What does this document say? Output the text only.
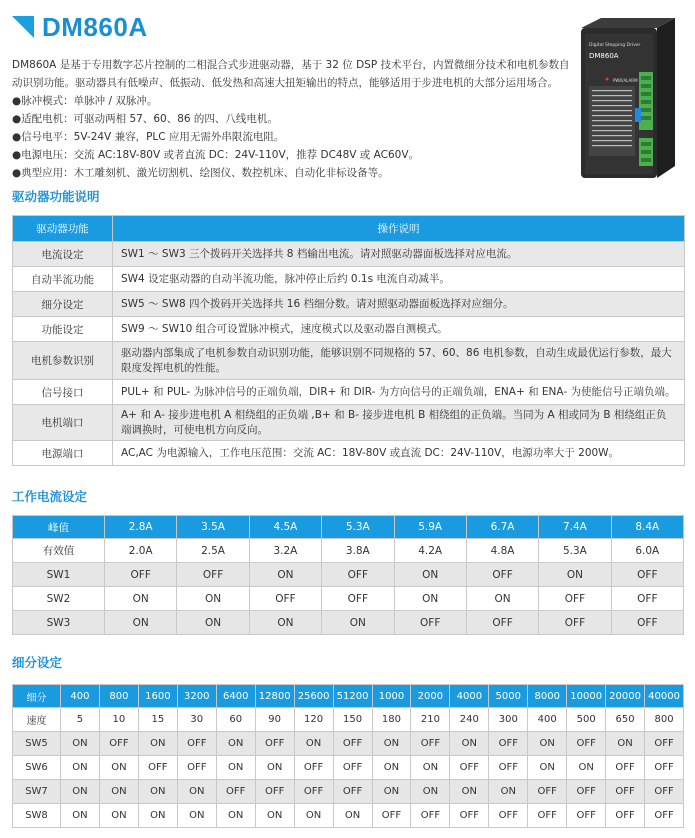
DM860A
DM860A 是基于专用数字芯片控制的二相混合式步进驱动器，基于 32 位 DSP 技术平台，内置微细分技术和电机参数自动识别功能。驱动器具有低噪声、低振动、低发热和高速大扭矩输出的特点，能够适用于步进电机的大部分运用场合。
●脉冲模式：单脉冲 / 双脉冲。
●适配电机：可驱动两相 57、60、86 的四、八线电机。
●信号电平：5V-24V 兼容，PLC 应用无需外串限流电阻。
●电源电压：交流 AC:18V-80V 或者直流 DC：24V-110V，推荐 DC48V 或 AC60V。
●典型应用：木工雕刻机、激光切割机、绘图仪、数控机床、自动化非标设备等。
Digital Stepping Driver
DM860A
PWR/ALARM
驱动器功能说明
驱动器功能	操作说明
电流设定	SW1 ～ SW3 三个拨码开关选择共 8 档输出电流。请对照驱动器面板选择对应电流。
自动半流功能	SW4 设定驱动器的自动半流功能，脉冲停止后约 0.1s 电流自动减半。
细分设定	SW5 ～ SW8 四个拨码开关选择共 16 档细分数。请对照驱动器面板选择对应细分。
功能设定	SW9 ～ SW10 组合可设置脉冲模式，速度模式以及驱动器自测模式。
电机参数识别	驱动器内部集成了电机参数自动识别功能，能够识别不同规格的 57、60、86 电机参数，自动生成最优运行参数，最大限度发挥电机的性能。
信号接口	PUL+ 和 PUL- 为脉冲信号的正端负端，DIR+ 和 DIR- 为方向信号的正端负端，ENA+ 和 ENA- 为使能信号正端负端。
电机端口	A+ 和 A- 接步进电机 A 相绕组的正负端 ,B+ 和 B- 接步进电机 B 相绕组的正负端。当同为 A 相或同为 B 相绕组正负端调换时，可使电机方向反向。
电源端口	AC,AC 为电源输入，工作电压范围：交流 AC：18V-80V 或直流 DC：24V-110V，电源功率大于 200W。
工作电流设定
峰值	2.8A	3.5A	4.5A	5.3A	5.9A	6.7A	7.4A	8.4A
有效值	2.0A	2.5A	3.2A	3.8A	4.2A	4.8A	5.3A	6.0A
SW1	OFF	OFF	ON	OFF	ON	OFF	ON	OFF
SW2	ON	ON	OFF	OFF	ON	ON	OFF	OFF
SW3	ON	ON	ON	ON	OFF	OFF	OFF	OFF
细分设定
细分	400	800	1600	3200	6400	12800	25600	51200	1000	2000	4000	5000	8000	10000	20000	40000
速度	5	10	15	30	60	90	120	150	180	210	240	300	400	500	650	800
SW5	ON	OFF	ON	OFF	ON	OFF	ON	OFF	ON	OFF	ON	OFF	ON	OFF	ON	OFF
SW6	ON	ON	OFF	OFF	ON	ON	OFF	OFF	ON	ON	OFF	OFF	ON	ON	OFF	OFF
SW7	ON	ON	ON	ON	OFF	OFF	OFF	OFF	ON	ON	ON	ON	OFF	OFF	OFF	OFF
SW8	ON	ON	ON	ON	ON	ON	ON	ON	OFF	OFF	OFF	OFF	OFF	OFF	OFF	OFF
